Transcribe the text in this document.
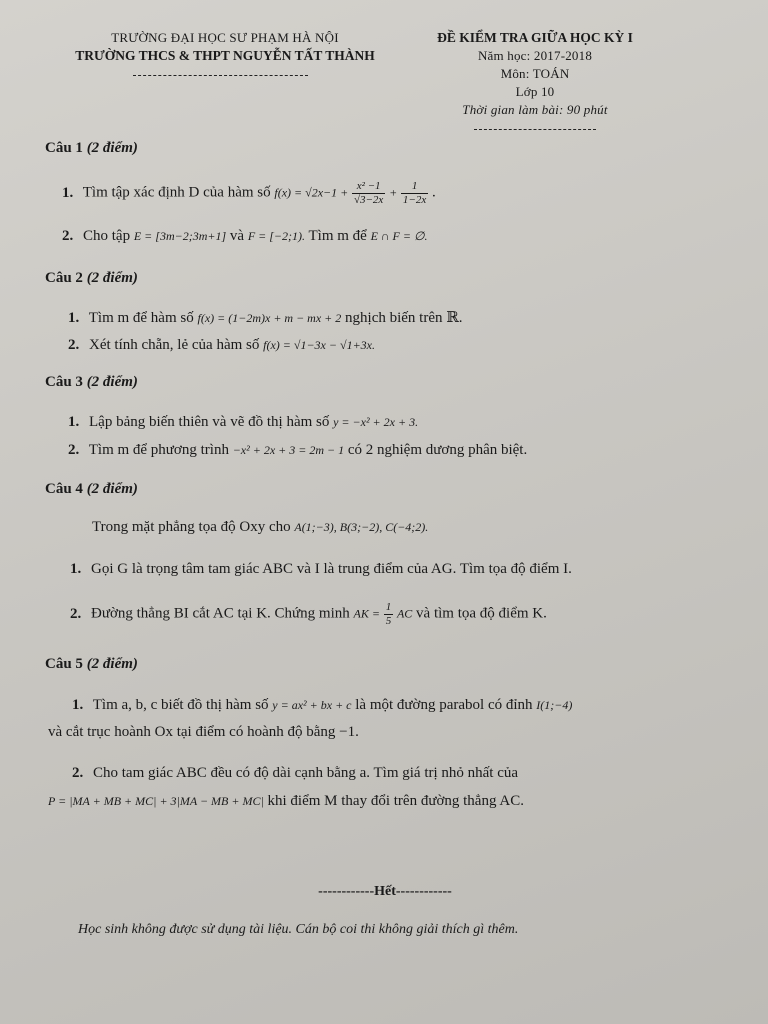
TRƯỜNG ĐẠI HỌC SƯ PHẠM HÀ NỘI
TRƯỜNG THCS & THPT NGUYỄN TẤT THÀNH
ĐỀ KIỂM TRA GIỮA HỌC KỲ I
Năm học: 2017-2018
Môn: TOÁN
Lớp 10
Thời gian làm bài: 90 phút
Câu 1 (2 điểm)
1. Tìm tập xác định D của hàm số $f(x) = √2x-1 + \frac{\text{x² −1}}{√3-2x} + \frac{1}{1-2x}$ .
2. Cho tập E = [3m−2;3m+1] và F = [−2;1). Tìm m để E ∩ F = ∅.
Câu 2 (2 điểm)
1. Tìm m để hàm số f(x) = (1−2m)x + m − mx + 2 nghịch biến trên ℝ.
2. Xét tính chẵn, lẻ của hàm số f(x) = √1−3x − √1+3x.
Câu 3 (2 điểm)
1. Lập bảng biến thiên và vẽ đồ thị hàm số y = −x² + 2x + 3.
2. Tìm m để phương trình −x² + 2x + 3 = 2m − 1 có 2 nghiệm dương phân biệt.
Câu 4 (2 điểm)
Trong mặt phẳng tọa độ Oxy cho A(1;−3), B(3;−2), C(−4;2).
1. Gọi G là trọng tâm tam giác ABC và I là trung điểm của AG. Tìm tọa độ điểm I.
2. Đường thẳng BI cắt AC tại K. Chứng minh AK = $\frac{1}{5}$ AC và tìm tọa độ điểm K.
Câu 5 (2 điểm)
1. Tìm a, b, c biết đồ thị hàm số y = ax² + bx + c là một đường parabol có đỉnh I(1;−4)
và cắt trục hoành Ox tại điểm có hoành độ bằng −1.
2. Cho tam giác ABC đều có độ dài cạnh bằng a. Tìm giá trị nhỏ nhất của
P = |MA + MB + MC| + 3|MA − MB + MC| khi điểm M thay đổi trên đường thẳng AC.
------------Hết------------
Học sinh không được sử dụng tài liệu. Cán bộ coi thi không giải thích gì thêm.
